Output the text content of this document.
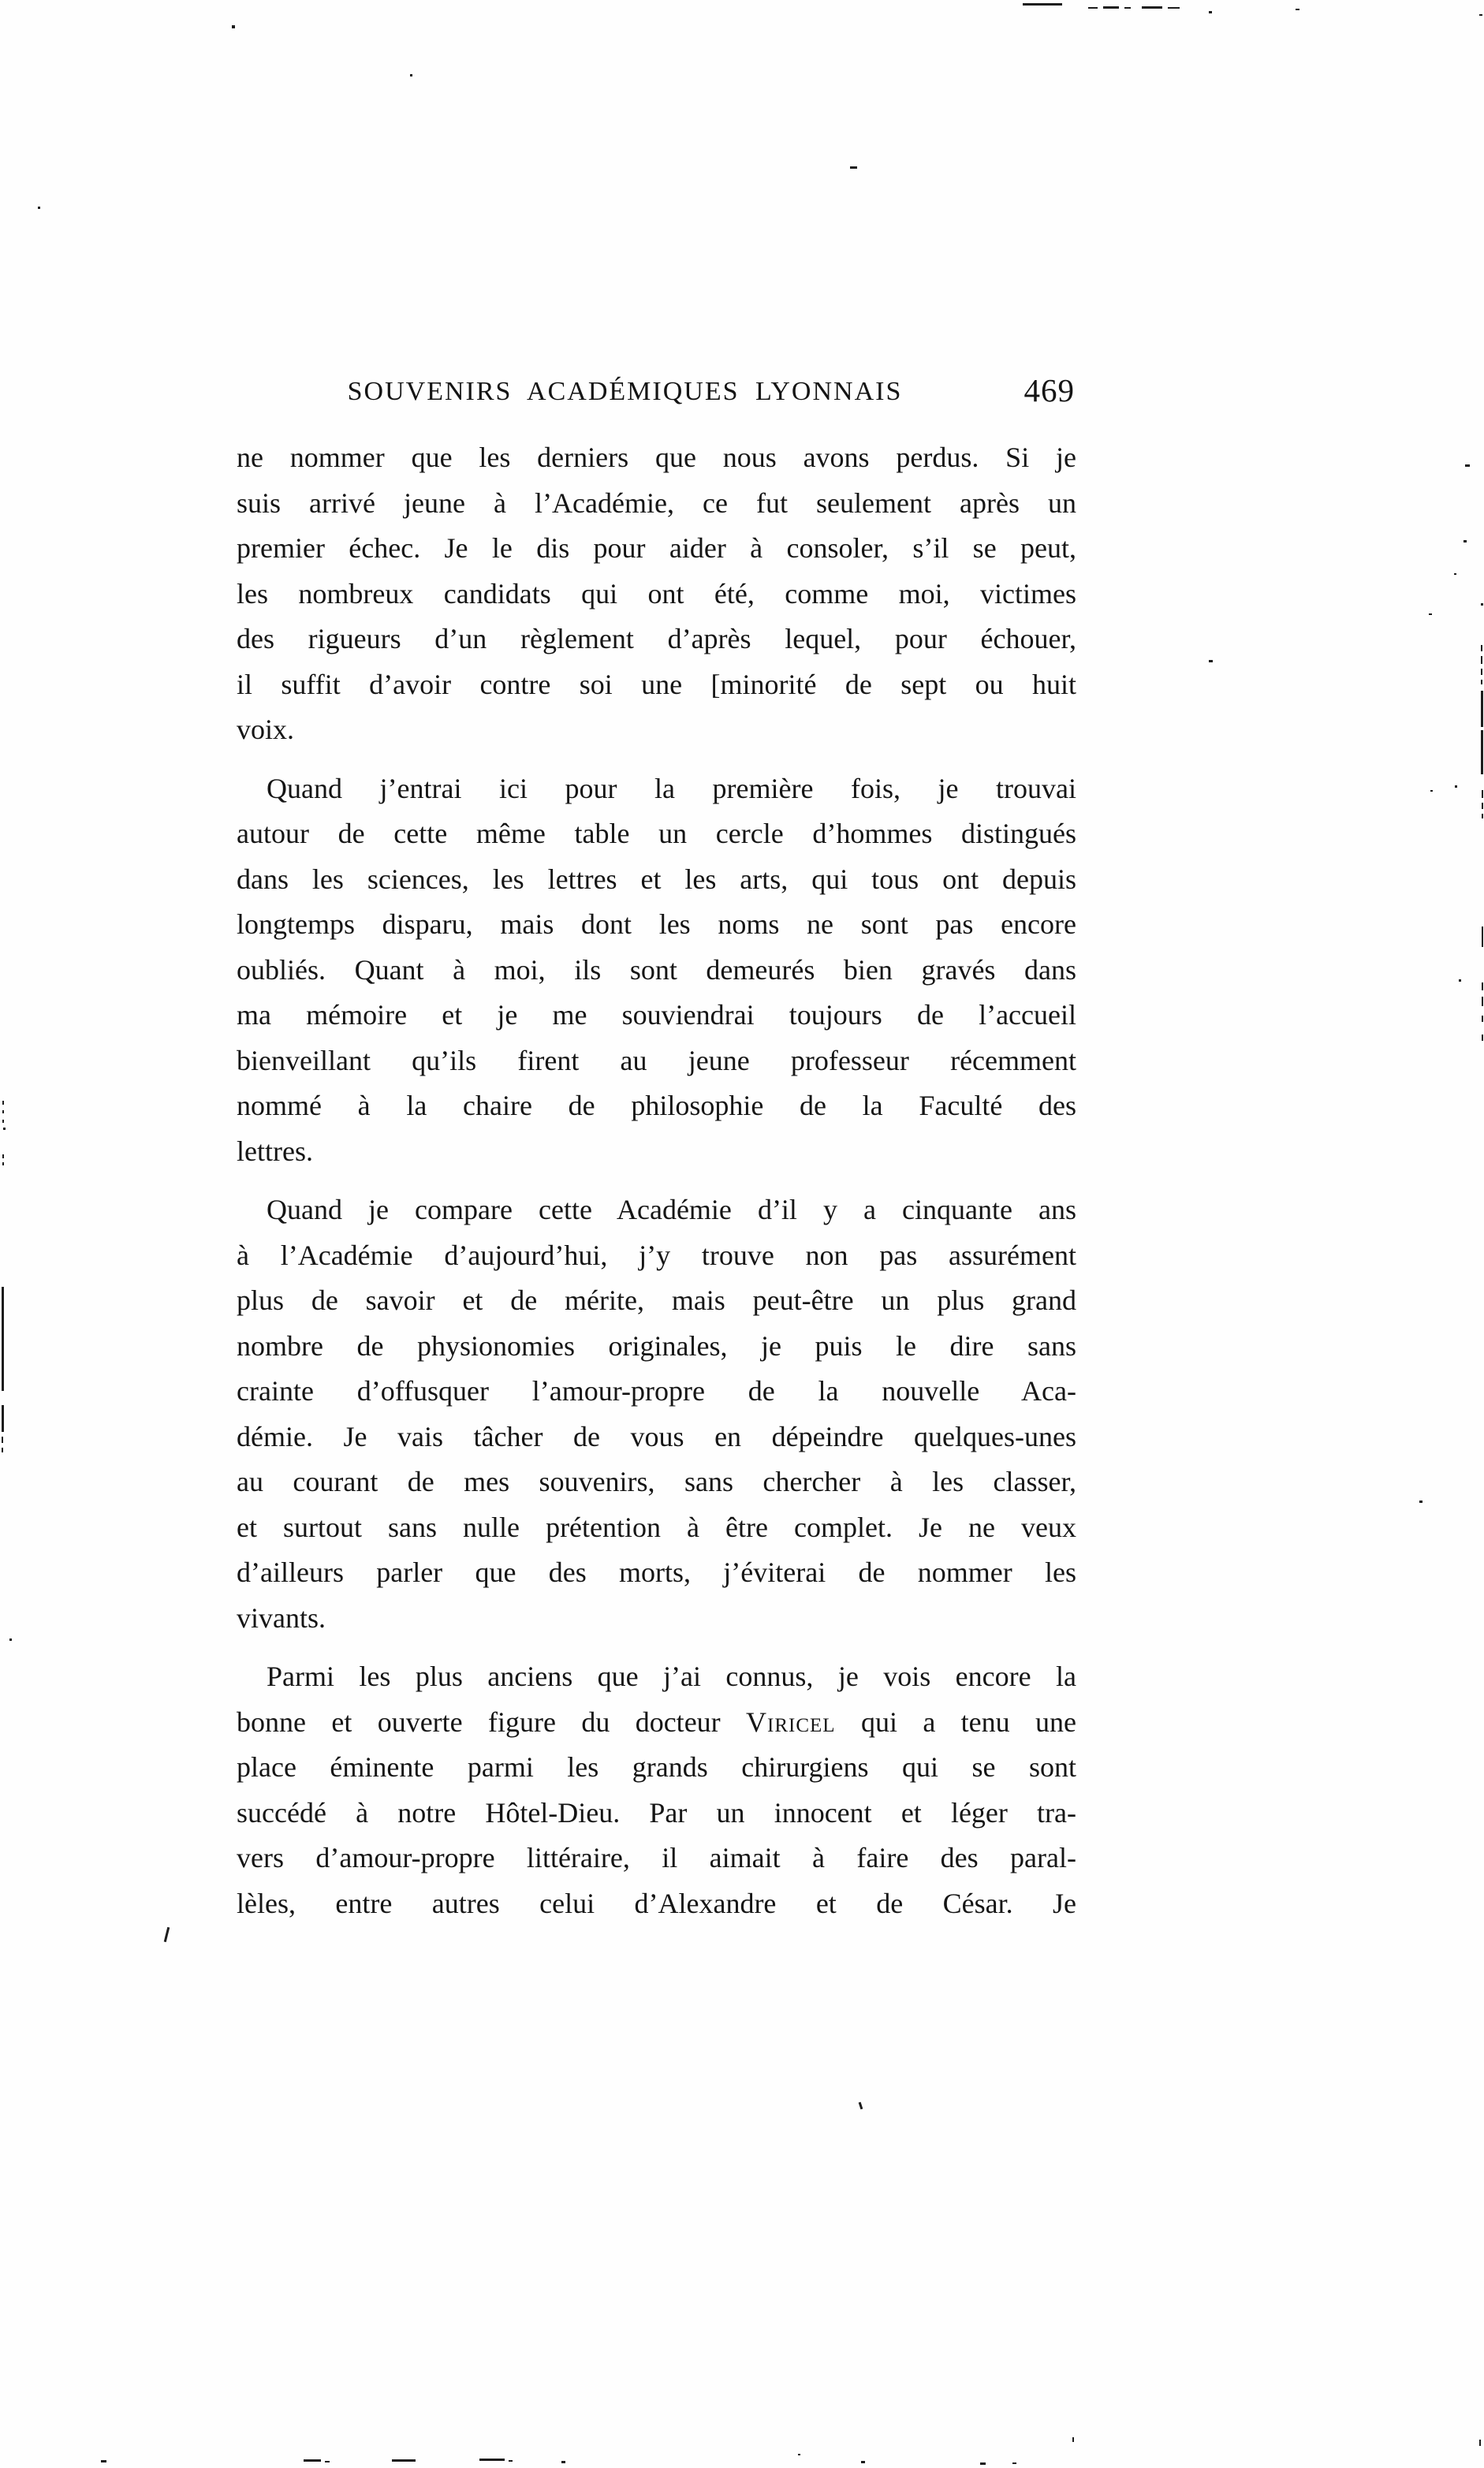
SOUVENIRS ACADÉMIQUES LYONNAIS	469
ne nommer que les derniers que nous avons perdus. Si je
suis arrivé jeune à l’Académie, ce fut seulement après un
premier échec. Je le dis pour aider à consoler, s’il se peut,
les nombreux candidats qui ont été, comme moi, victimes
des rigueurs d’un règlement d’après lequel, pour échouer,
il suffit d’avoir contre soi une [minorité de sept ou huit
voix.
Quand j’entrai ici pour la première fois, je trouvai
autour de cette même table un cercle d’hommes distingués
dans les sciences, les lettres et les arts, qui tous ont depuis
longtemps disparu, mais dont les noms ne sont pas encore
oubliés. Quant à moi, ils sont demeurés bien gravés dans
ma mémoire et je me souviendrai toujours de l’accueil
bienveillant qu’ils firent au jeune professeur récemment
nommé à la chaire de philosophie de la Faculté des
lettres.
Quand je compare cette Académie d’il y a cinquante ans
à l’Académie d’aujourd’hui, j’y trouve non pas assurément
plus de savoir et de mérite, mais peut-être un plus grand
nombre de physionomies originales, je puis le dire sans
crainte d’offusquer l’amour-propre de la nouvelle Aca-
démie. Je vais tâcher de vous en dépeindre quelques-unes
au courant de mes souvenirs, sans chercher à les classer,
et surtout sans nulle prétention à être complet. Je ne veux
d’ailleurs parler que des morts, j’éviterai de nommer les
vivants.
Parmi les plus anciens que j’ai connus, je vois encore la
bonne et ouverte figure du docteur Viricel qui a tenu une
place éminente parmi les grands chirurgiens qui se sont
succédé à notre Hôtel-Dieu. Par un innocent et léger tra-
vers d’amour-propre littéraire, il aimait à faire des paral-
lèles, entre autres celui d’Alexandre et de César. Je
